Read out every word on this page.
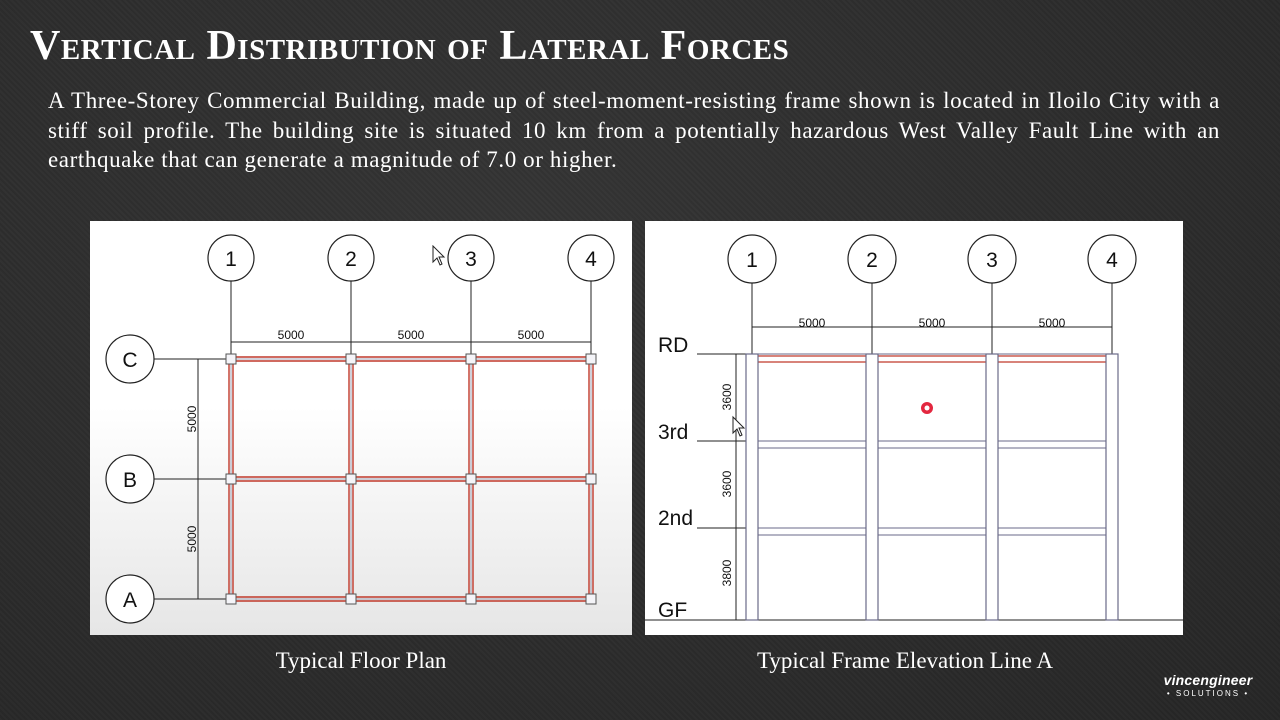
Vertical Distribution of Lateral Forces

A Three-Storey Commercial Building, made up of steel-moment-resisting frame shown is located in Iloilo City with a stiff soil profile. The building site is situated 10 km from a potentially hazardous West Valley Fault Line with an earthquake that can generate a magnitude of 7.0 or higher.

1	2	3	4
C
B
A
5000	5000	5000
5000
5000
1	2	3	4
5000	5000	5000
3600
3600
3800
RD
3rd
2nd
GF

Typical Floor Plan	Typical Frame Elevation Line A

vincengineer
• SOLUTIONS •
